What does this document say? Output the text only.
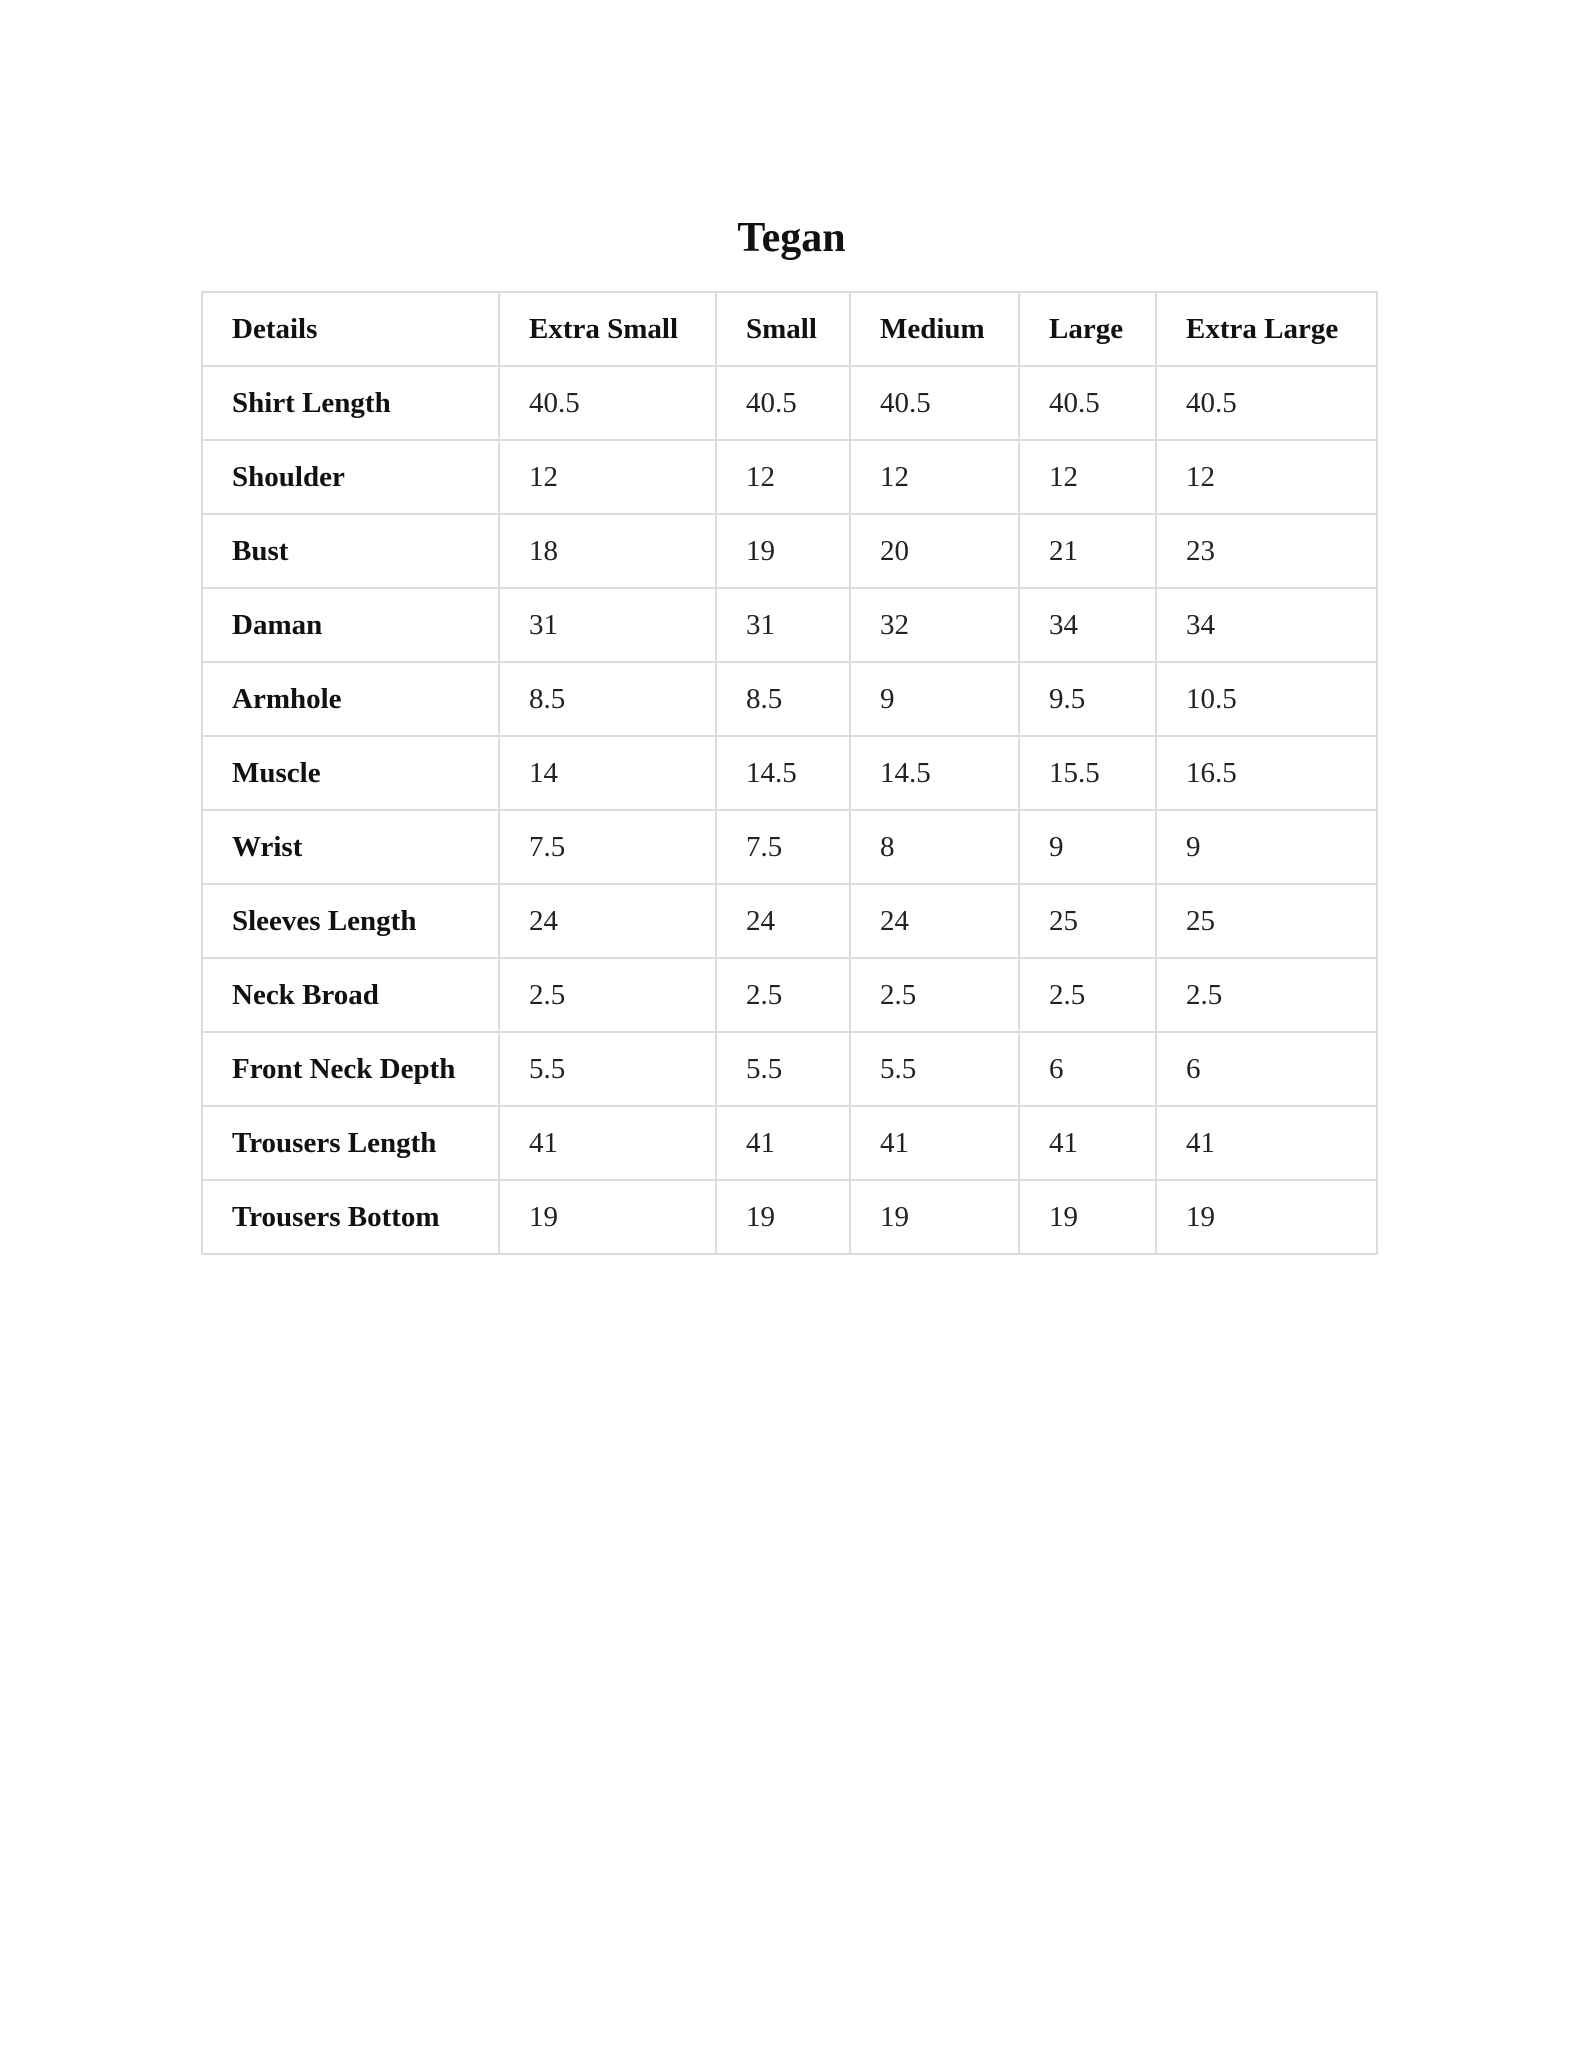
Tegan
Details	Extra Small	Small	Medium	Large	Extra Large
Shirt Length	40.5	40.5	40.5	40.5	40.5
Shoulder	12	12	12	12	12
Bust	18	19	20	21	23
Daman	31	31	32	34	34
Armhole	8.5	8.5	9	9.5	10.5
Muscle	14	14.5	14.5	15.5	16.5
Wrist	7.5	7.5	8	9	9
Sleeves Length	24	24	24	25	25
Neck Broad	2.5	2.5	2.5	2.5	2.5
Front Neck Depth	5.5	5.5	5.5	6	6
Trousers Length	41	41	41	41	41
Trousers Bottom	19	19	19	19	19
